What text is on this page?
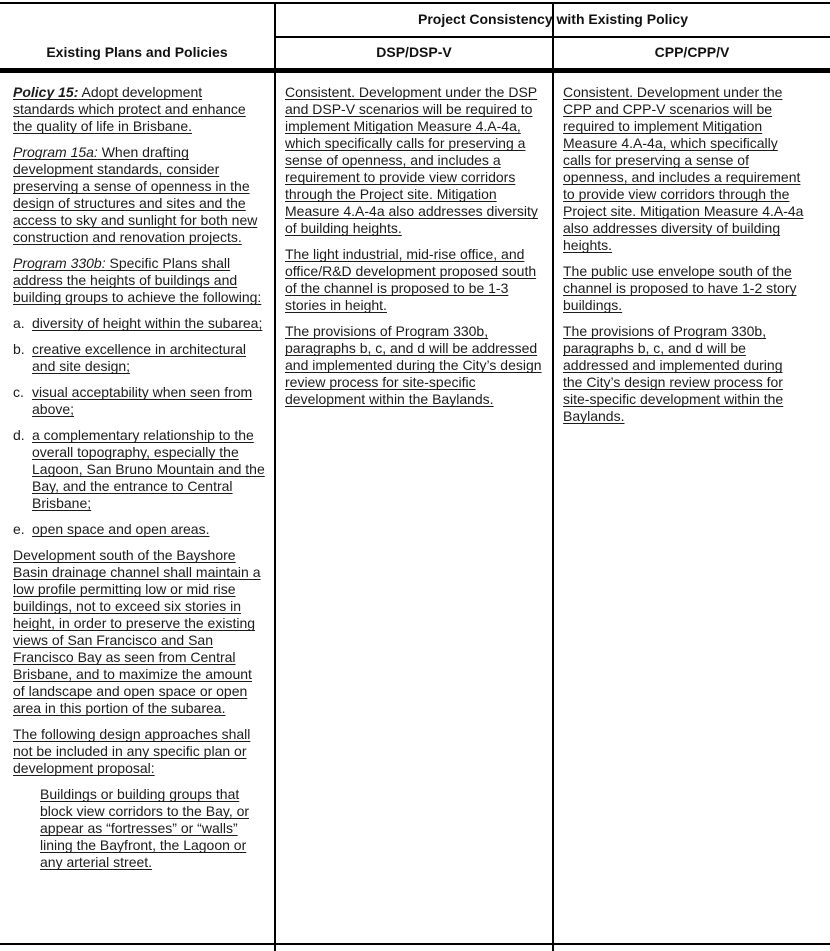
Existing Plans and Policies
Project Consistency with Existing Policy
DSP/DSP-V	CPP/CPP/V

Policy 15: Adopt development standards which protect and enhance the quality of life in Brisbane.

Program 15a: When drafting development standards, consider preserving a sense of openness in the design of structures and sites and the access to sky and sunlight for both new construction and renovation projects.

Program 330b: Specific Plans shall address the heights of buildings and building groups to achieve the following:

a. diversity of height within the subarea;
b. creative excellence in architectural and site design;
c. visual acceptability when seen from above;
d. a complementary relationship to the overall topography, especially the Lagoon, San Bruno Mountain and the Bay, and the entrance to Central Brisbane;
e. open space and open areas.

Development south of the Bayshore Basin drainage channel shall maintain a low profile permitting low or mid rise buildings, not to exceed six stories in height, in order to preserve the existing views of San Francisco and San Francisco Bay as seen from Central Brisbane, and to maximize the amount of landscape and open space or open area in this portion of the subarea.

The following design approaches shall not be included in any specific plan or development proposal:

Buildings or building groups that block view corridors to the Bay, or appear as “fortresses” or “walls” lining the Bayfront, the Lagoon or any arterial street.

Consistent. Development under the DSP and DSP-V scenarios will be required to implement Mitigation Measure 4.A-4a, which specifically calls for preserving a sense of openness, and includes a requirement to provide view corridors through the Project site. Mitigation Measure 4.A-4a also addresses diversity of building heights.

The light industrial, mid-rise office, and office/R&D development proposed south of the channel is proposed to be 1-3 stories in height.

The provisions of Program 330b, paragraphs b, c, and d will be addressed and implemented during the City’s design review process for site-specific development within the Baylands.

Consistent. Development under the CPP and CPP-V scenarios will be required to implement Mitigation Measure 4.A-4a, which specifically calls for preserving a sense of openness, and includes a requirement to provide view corridors through the Project site. Mitigation Measure 4.A-4a also addresses diversity of building heights.

The public use envelope south of the channel is proposed to have 1-2 story buildings.

The provisions of Program 330b, paragraphs b, c, and d will be addressed and implemented during the City’s design review process for site-specific development within the Baylands.
